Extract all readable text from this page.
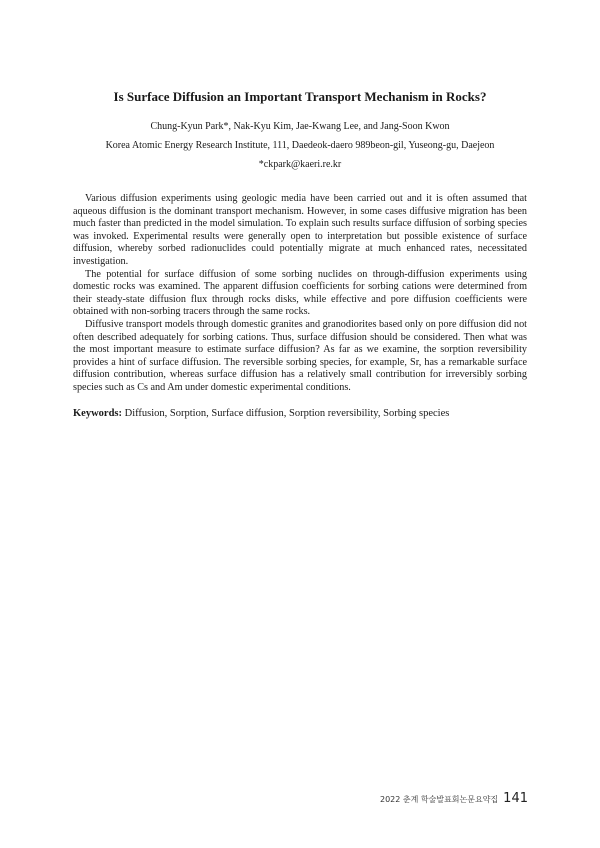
Is Surface Diffusion an Important Transport Mechanism in Rocks?
Chung-Kyun Park*, Nak-Kyu Kim, Jae-Kwang Lee, and Jang-Soon Kwon
Korea Atomic Energy Research Institute, 111, Daedeok-daero 989beon-gil, Yuseong-gu, Daejeon
*ckpark@kaeri.re.kr

Various diffusion experiments using geologic media have been carried out and it is often assumed that aqueous diffusion is the dominant transport mechanism. However, in some cases diffusive migration has been much faster than predicted in the model simulation. To explain such results surface diffusion of sorbing species was invoked. Experimental results were generally open to interpretation but possible existence of surface diffusion, whereby sorbed radionuclides could potentially migrate at much enhanced rates, necessitated investigation.

The potential for surface diffusion of some sorbing nuclides on through-diffusion experiments using domestic rocks was examined. The apparent diffusion coefficients for sorbing cations were determined from their steady-state diffusion flux through rocks disks, while effective and pore diffusion coefficients were obtained with non-sorbing tracers through the same rocks.

Diffusive transport models through domestic granites and granodiorites based only on pore diffusion did not often described adequately for sorbing cations. Thus, surface diffusion should be considered. Then what was the most important measure to estimate surface diffusion? As far as we examine, the sorption reversibility provides a hint of surface diffusion. The reversible sorbing species, for example, Sr, has a remarkable surface diffusion contribution, whereas surface diffusion has a relatively small contribution for irreversibly sorbing species such as Cs and Am under domestic experimental conditions.

Keywords: Diffusion, Sorption, Surface diffusion, Sorption reversibility, Sorbing species
2022 춘계 학술발표회논문요약집 141
